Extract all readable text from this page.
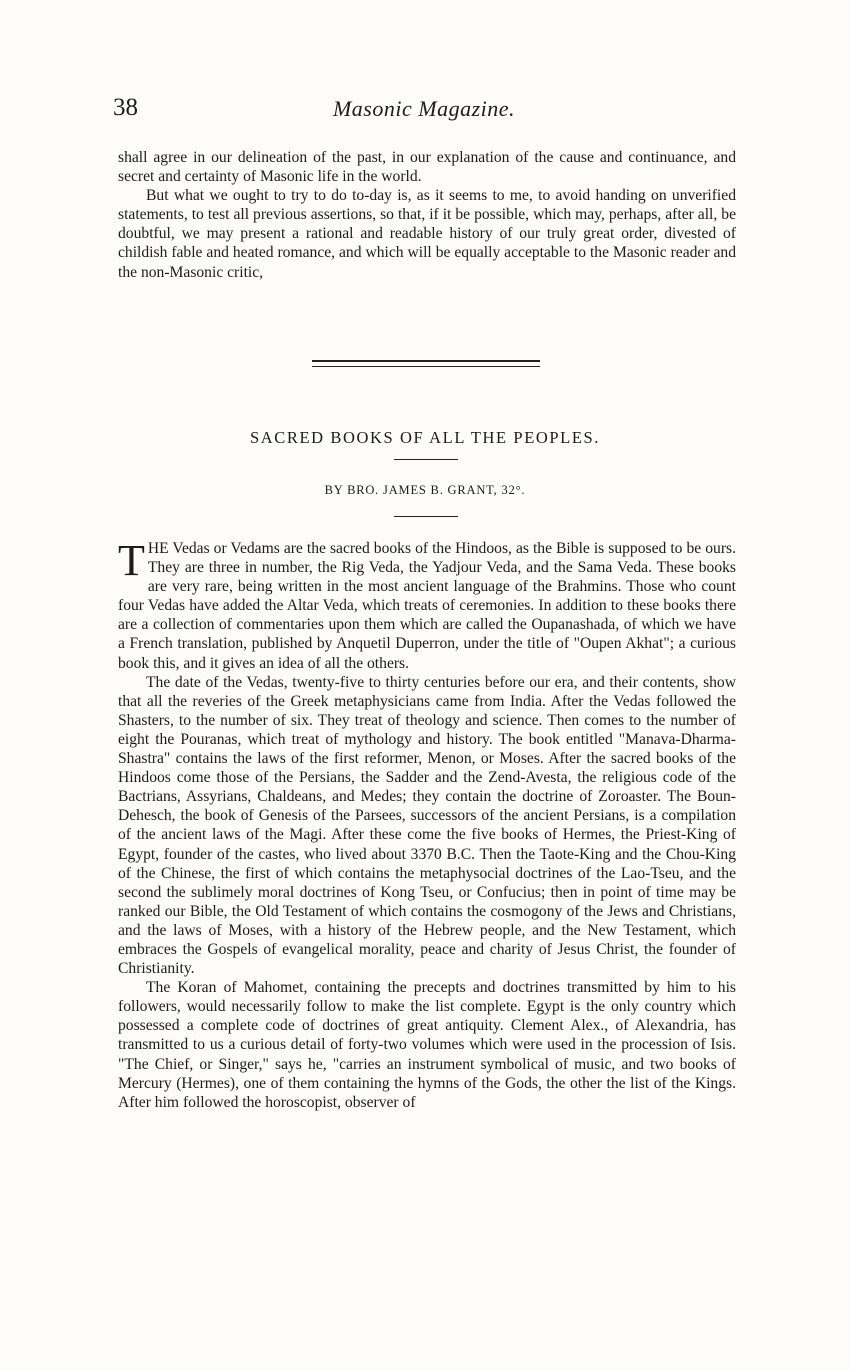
38	Masonic Magazine.

shall agree in our delineation of the past, in our explanation of the cause and continuance, and secret and certainty of Masonic life in the world.

But what we ought to try to do to-day is, as it seems to me, to avoid handing on unverified statements, to test all previous assertions, so that, if it be possible, which may, perhaps, after all, be doubtful, we may present a rational and readable history of our truly great order, divested of childish fable and heated romance, and which will be equally acceptable to the Masonic reader and the non-Masonic critic,

SACRED BOOKS OF ALL THE PEOPLES.
BY BRO. JAMES B. GRANT, 32°.

THE Vedas or Vedams are the sacred books of the Hindoos, as the Bible is supposed to be ours. They are three in number, the Rig Veda, the Yadjour Veda, and the Sama Veda. These books are very rare, being written in the most ancient language of the Brahmins. Those who count four Vedas have added the Altar Veda, which treats of ceremonies. In addition to these books there are a collection of commentaries upon them which are called the Oupanashada, of which we have a French translation, published by Anquetil Duperron, under the title of "Oupen Akhat"; a curious book this, and it gives an idea of all the others.

The date of the Vedas, twenty-five to thirty centuries before our era, and their contents, show that all the reveries of the Greek metaphysicians came from India. After the Vedas followed the Shasters, to the number of six. They treat of theology and science. Then comes to the number of eight the Pouranas, which treat of mythology and history. The book entitled "Manava-Dharma-Shastra" contains the laws of the first reformer, Menon, or Moses. After the sacred books of the Hindoos come those of the Persians, the Sadder and the Zend-Avesta, the religious code of the Bactrians, Assyrians, Chaldeans, and Medes; they contain the doctrine of Zoroaster. The Boun-Dehesch, the book of Genesis of the Parsees, successors of the ancient Persians, is a compilation of the ancient laws of the Magi. After these come the five books of Hermes, the Priest-King of Egypt, founder of the castes, who lived about 3370 B.C. Then the Taote-King and the Chou-King of the Chinese, the first of which contains the metaphysocial doctrines of the Lao-Tseu, and the second the sublimely moral doctrines of Kong Tseu, or Confucius; then in point of time may be ranked our Bible, the Old Testament of which contains the cosmogony of the Jews and Christians, and the laws of Moses, with a history of the Hebrew people, and the New Testament, which embraces the Gospels of evangelical morality, peace and charity of Jesus Christ, the founder of Christianity.

The Koran of Mahomet, containing the precepts and doctrines transmitted by him to his followers, would necessarily follow to make the list complete. Egypt is the only country which possessed a complete code of doctrines of great antiquity. Clement Alex., of Alexandria, has transmitted to us a curious detail of forty-two volumes which were used in the procession of Isis. "The Chief, or Singer," says he, "carries an instrument symbolical of music, and two books of Mercury (Hermes), one of them containing the hymns of the Gods, the other the list of the Kings. After him followed the horoscopist, observer of
